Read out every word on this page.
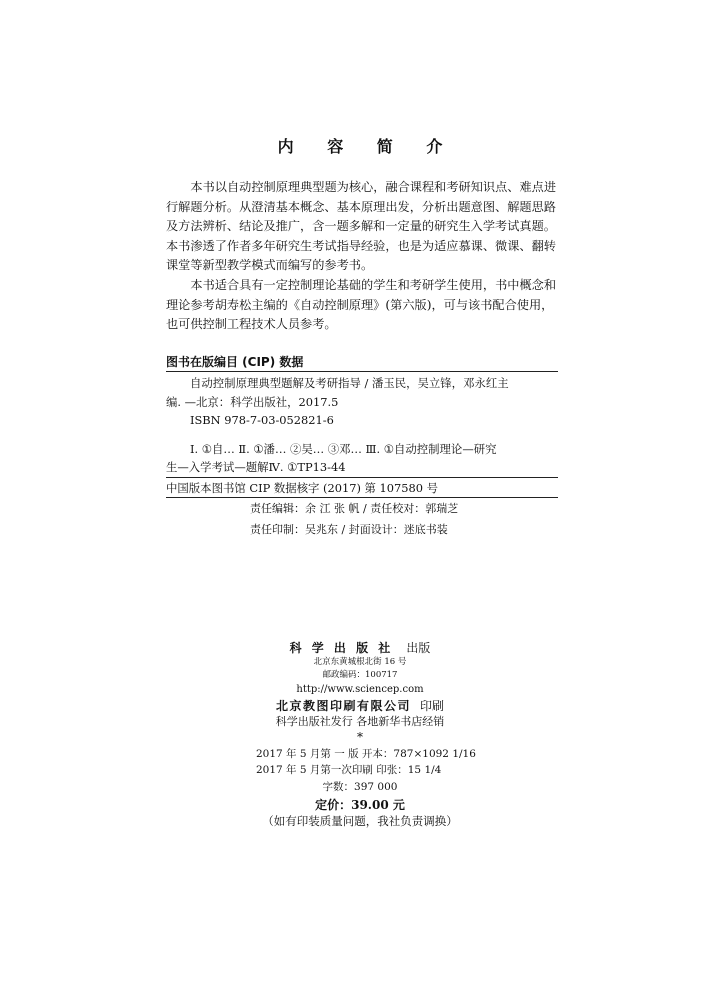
内 容 简 介

本书以自动控制原理典型题为核心，融合课程和考研知识点、难点进行解题分析。从澄清基本概念、基本原理出发，分析出题意图、解题思路及方法辨析、结论及推广，含一题多解和一定量的研究生入学考试真题。本书渗透了作者多年研究生考试指导经验，也是为适应慕课、微课、翻转课堂等新型教学模式而编写的参考书。

本书适合具有一定控制理论基础的学生和考研学生使用，书中概念和理论参考胡寿松主编的《自动控制原理》(第六版)，可与该书配合使用，也可供控制工程技术人员参考。

图书在版编目 (CIP) 数据
自动控制原理典型题解及考研指导 / 潘玉民，吴立锋，邓永红主
编. —北京：科学出版社，2017.5
ISBN 978-7-03-052821-6
Ⅰ. ①自… Ⅱ. ①潘… ②吴… ③邓… Ⅲ. ①自动控制理论—研究
生—入学考试—题解Ⅳ. ①TP13-44
中国版本图书馆 CIP 数据核字 (2017) 第 107580 号
责任编辑：余 江 张 帆 / 责任校对：郭瑞芝
责任印制：吴兆东 / 封面设计：迷底书装
科 学 出 版 社 出版
北京东黄城根北街 16 号
邮政编码：100717
http://www.sciencep.com
北京教图印刷有限公司 印刷
科学出版社发行 各地新华书店经销
*
2017 年 5 月第 一 版 开本：787×1092 1/16
2017 年 5 月第一次印刷 印张：15 1/4
字数：397 000
定价：39.00 元
（如有印装质量问题，我社负责调换）
